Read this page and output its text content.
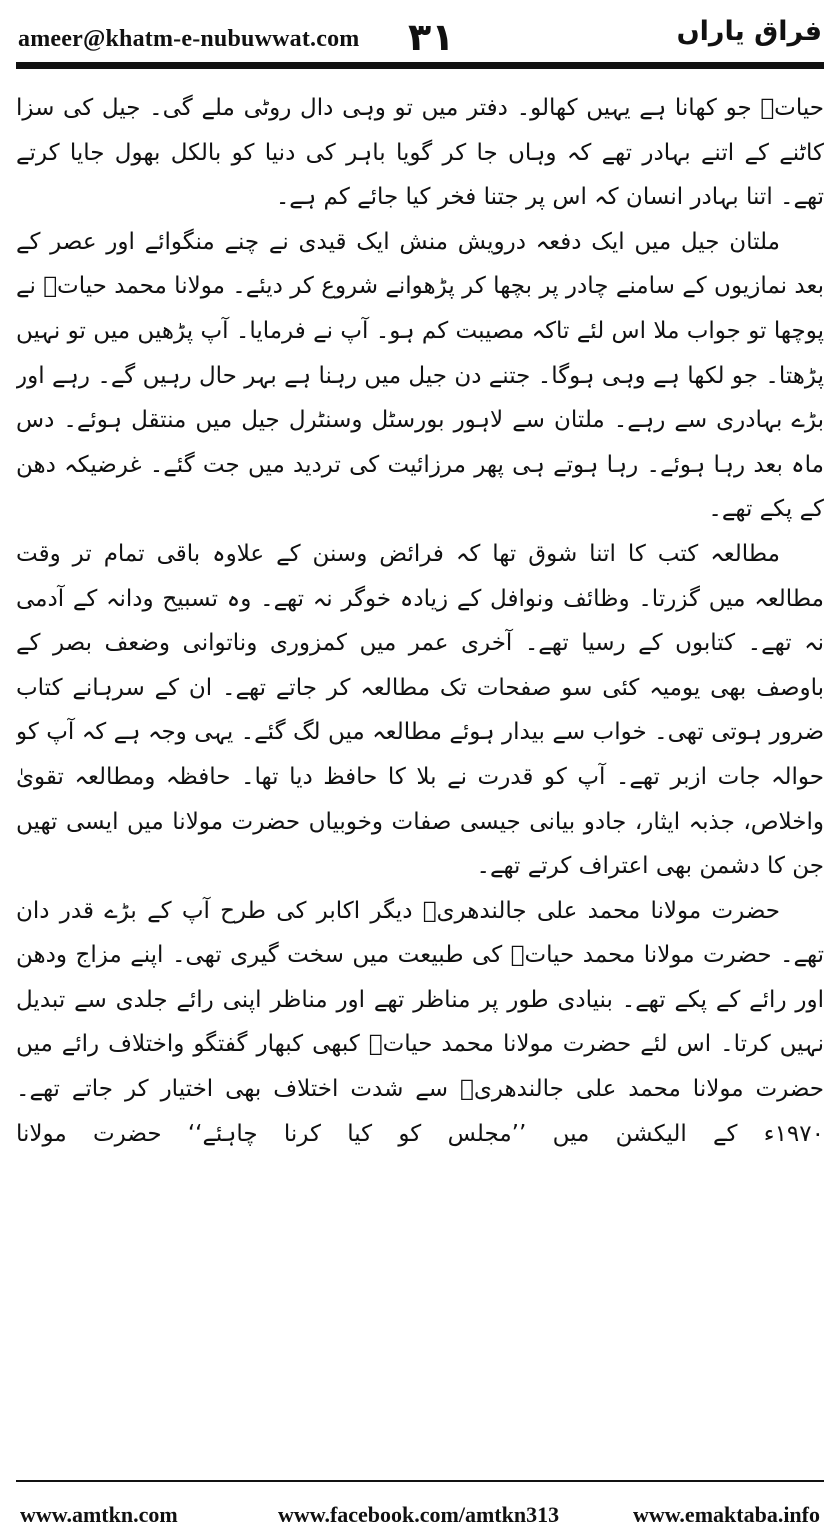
ameer@khatm-e-nubuwwat.com ۳۱	فراق یاراں

حیاتؒ جو کھانا ہے یہیں کھالو۔ دفتر میں تو وہی دال روٹی ملے گی۔ جیل کی سزا کاٹنے کے اتنے بہادر تھے کہ وہاں جا کر گویا باہر کی دنیا کو بالکل بھول جایا کرتے تھے۔ اتنا بہادر انسان کہ اس پر جتنا فخر کیا جائے کم ہے۔

ملتان جیل میں ایک دفعہ درویش منش ایک قیدی نے چنے منگوائے اور عصر کے بعد نمازیوں کے سامنے چادر پر بچھا کر پڑھوانے شروع کر دیئے۔ مولانا محمد حیاتؒ نے پوچھا تو جواب ملا اس لئے تاکہ مصیبت کم ہو۔ آپ نے فرمایا۔ آپ پڑھیں میں تو نہیں پڑھتا۔ جو لکھا ہے وہی ہوگا۔ جتنے دن جیل میں رہنا ہے بہر حال رہیں گے۔ رہے اور بڑے بہادری سے رہے۔ ملتان سے لاہور بورسٹل وسنٹرل جیل میں منتقل ہوئے۔ دس ماہ بعد رہا ہوئے۔ رہا ہوتے ہی پھر مرزائیت کی تردید میں جت گئے۔ غرضیکہ دھن کے پکے تھے۔

مطالعہ کتب کا اتنا شوق تھا کہ فرائض وسنن کے علاوہ باقی تمام تر وقت مطالعہ میں گزرتا۔ وظائف ونوافل کے زیادہ خوگر نہ تھے۔ وہ تسبیح ودانہ کے آدمی نہ تھے۔ کتابوں کے رسیا تھے۔ آخری عمر میں کمزوری وناتوانی وضعف بصر کے باوصف بھی یومیہ کئی سو صفحات تک مطالعہ کر جاتے تھے۔ ان کے سرہانے کتاب ضرور ہوتی تھی۔ خواب سے بیدار ہوئے مطالعہ میں لگ گئے۔ یہی وجہ ہے کہ آپ کو حوالہ جات ازبر تھے۔ آپ کو قدرت نے بلا کا حافظ دیا تھا۔ حافظہ ومطالعہ تقویٰ واخلاص، جذبہ ایثار، جادو بیانی جیسی صفات وخوبیاں حضرت مولانا میں ایسی تھیں جن کا دشمن بھی اعتراف کرتے تھے۔

حضرت مولانا محمد علی جالندھریؒ دیگر اکابر کی طرح آپ کے بڑے قدر دان تھے۔ حضرت مولانا محمد حیاتؒ کی طبیعت میں سخت گیری تھی۔ اپنے مزاج ودھن اور رائے کے پکے تھے۔ بنیادی طور پر مناظر تھے اور مناظر اپنی رائے جلدی سے تبدیل نہیں کرتا۔ اس لئے حضرت مولانا محمد حیاتؒ کبھی کبھار گفتگو واختلاف رائے میں حضرت مولانا محمد علی جالندھریؒ سے شدت اختلاف بھی اختیار کر جاتے تھے۔ ۱۹۷۰ء کے الیکشن میں ’’مجلس کو کیا کرنا چاہئے‘‘ حضرت مولانا

www.amtkn.com	www.facebook.com/amtkn313	www.emaktaba.info
